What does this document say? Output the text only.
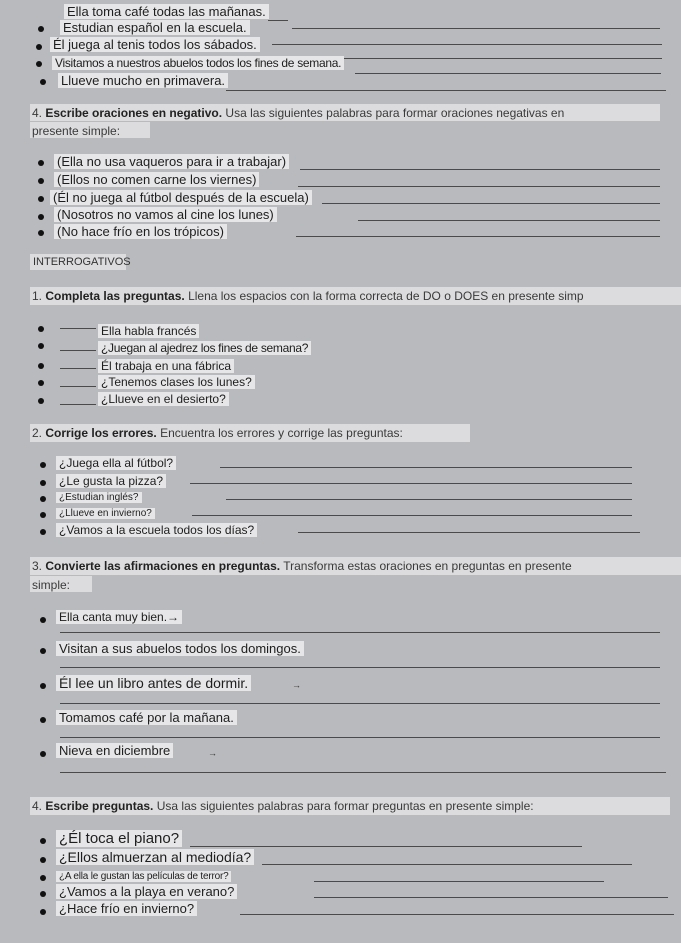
Ella toma café todas las mañanas.
Estudian español en la escuela.
Él juega al tenis todos los sábados.
Visitamos a nuestros abuelos todos los fines de semana.
Llueve mucho en primavera.
4. Escribe oraciones en negativo. Usa las siguientes palabras para formar oraciones negativas en
presente simple:
(Ella no usa vaqueros para ir a trabajar)
(Ellos no comen carne los viernes)
(Él no juega al fútbol después de la escuela)
(Nosotros no vamos al cine los lunes)
(No hace frío en los trópicos)
INTERROGATIVOS
1. Completa las preguntas. Llena los espacios con la forma correcta de DO o DOES en presente simp
Ella habla francés
¿Juegan al ajedrez los fines de semana?
Él trabaja en una fábrica
¿Tenemos clases los lunes?
¿Llueve en el desierto?
2. Corrige los errores. Encuentra los errores y corrige las preguntas:
¿Juega ella al fútbol?
¿Le gusta la pizza?
¿Estudian inglés?
¿Llueve en invierno?
¿Vamos a la escuela todos los días?
3. Convierte las afirmaciones en preguntas. Transforma estas oraciones en preguntas en presente
simple:
Ella canta muy bien.→
Visitan a sus abuelos todos los domingos.
Él lee un libro antes de dormir.	→
Tomamos café por la mañana.
Nieva en diciembre	→
4. Escribe preguntas. Usa las siguientes palabras para formar preguntas en presente simple:
¿Él toca el piano?
¿Ellos almuerzan al mediodía?
¿A ella le gustan las películas de terror?
¿Vamos a la playa en verano?
¿Hace frío en invierno?
